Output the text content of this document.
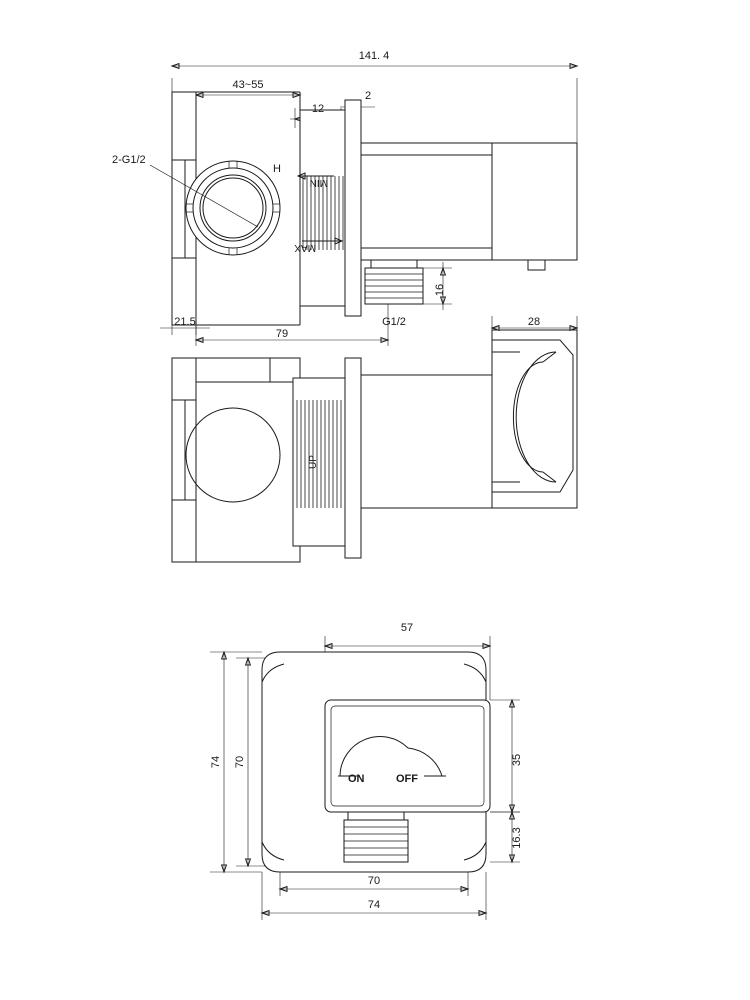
141. 4
43~55
12
2
2-G1/2
H
MIN
MAX
16
G1/2
21.5
79
UP
28
57
74 70
ON	OFF
35
16.3
70
74
